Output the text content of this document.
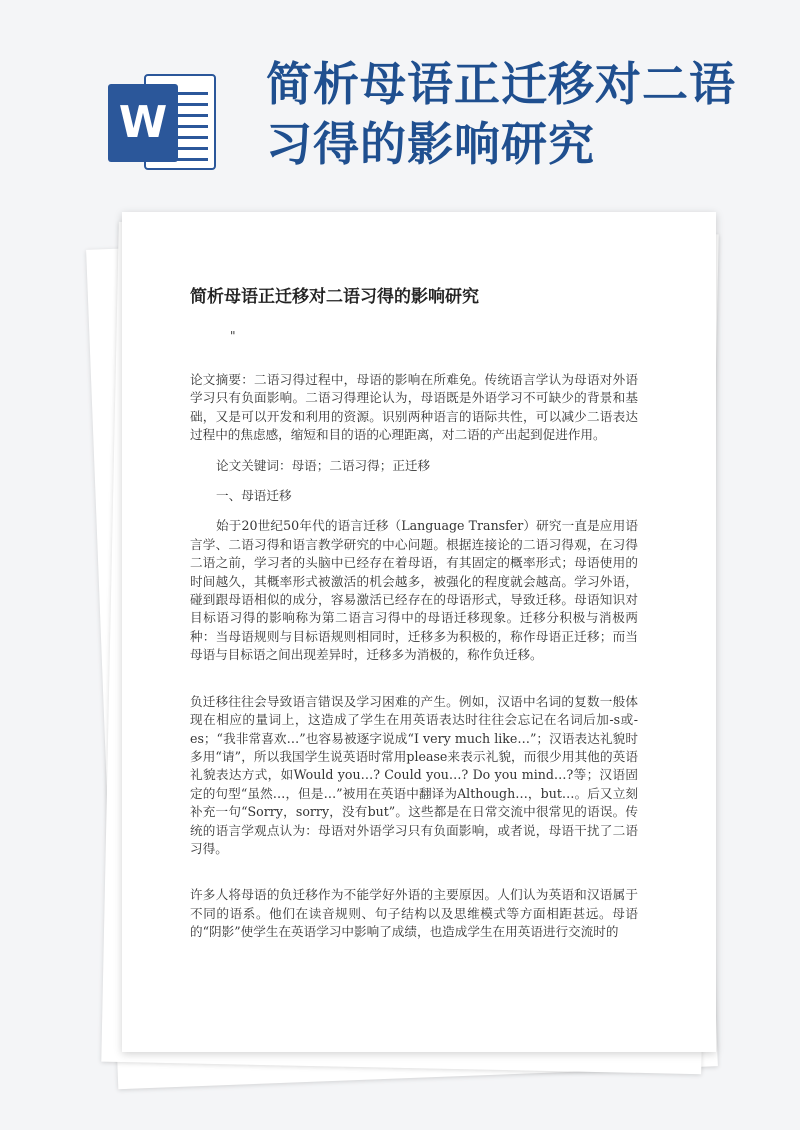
W
简析母语正迁移对二语习得的影响研究
简析母语正迁移对二语习得的影响研究
"

论文摘要：二语习得过程中，母语的影响在所难免。传统语言学认为母语对外语学习只有负面影响。二语习得理论认为，母语既是外语学习不可缺少的背景和基础，又是可以开发和利用的资源。识别两种语言的语际共性，可以减少二语表达过程中的焦虑感，缩短和目的语的心理距离，对二语的产出起到促进作用。

论文关键词：母语；二语习得；正迁移

一、母语迁移

始于20世纪50年代的语言迁移（Language Transfer）研究一直是应用语言学、二语习得和语言教学研究的中心问题。根据连接论的二语习得观，在习得二语之前，学习者的头脑中已经存在着母语，有其固定的概率形式；母语使用的时间越久，其概率形式被激活的机会越多，被强化的程度就会越高。学习外语，碰到跟母语相似的成分，容易激活已经存在的母语形式，导致迁移。母语知识对目标语习得的影响称为第二语言习得中的母语迁移现象。迁移分积极与消极两种：当母语规则与目标语规则相同时，迁移多为积极的，称作母语正迁移；而当母语与目标语之间出现差异时，迁移多为消极的，称作负迁移。

负迁移往往会导致语言错误及学习困难的产生。例如，汉语中名词的复数一般体现在相应的量词上，这造成了学生在用英语表达时往往会忘记在名词后加-s或-es；“我非常喜欢…”也容易被逐字说成“I very much like…”；汉语表达礼貌时多用“请”，所以我国学生说英语时常用please来表示礼貌，而很少用其他的英语礼貌表达方式，如Would you…? Could you…? Do you mind…?等；汉语固定的句型“虽然…，但是…”被用在英语中翻译为Although…，but…。后又立刻补充一句“Sorry，sorry，没有but”。这些都是在日常交流中很常见的语误。传统的语言学观点认为：母语对外语学习只有负面影响，或者说，母语干扰了二语习得。

许多人将母语的负迁移作为不能学好外语的主要原因。人们认为英语和汉语属于不同的语系。他们在读音规则、句子结构以及思维模式等方面相距甚远。母语的“阴影”使学生在英语学习中影响了成绩，也造成学生在用英语进行交流时的
